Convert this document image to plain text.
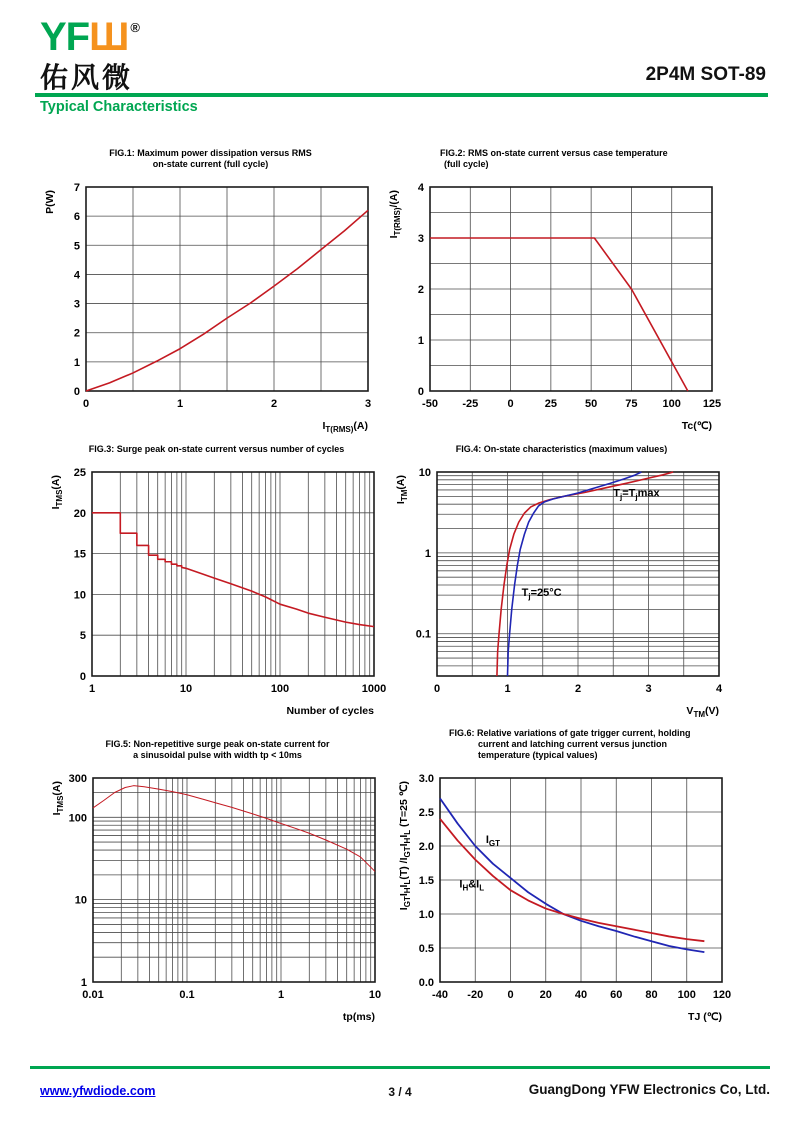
YFШ ®
佑风微	2P4M SOT-89
Typical Characteristics
FIG.1: Maximum power dissipation versus RMS
on-state current (full cycle)
0	1	2	3
0
1
2
3
4
5
6
7
$I_{T(RMS)}(A)$
P(W)
FIG.2: RMS on-state current versus case temperature
(full cycle)
-50 -25	0	25	50	75 100 125
0
1
2
3
4
Tc(℃)
$I_{T(RMS)}/(A)$
FIG.3: Surge peak on-state current versus number of cycles
1	10	100	1000
0
5
10
15
20
25
Number of cycles
$I_{TMS}(A)$
FIG.4: On-state characteristics (maximum values)
0	1	2	3	4
0.1
1
10
$V_{TM}(V)$
$I_{TM}(A)$
$T_j=T_j\max$
$T_j=25^\circ C$
FIG.5: Non-repetitive surge peak on-state current for
a sinusoidal pulse with width tp < 10ms
0.01	0.1	1	10
1
10
100
300
tp(ms)
$I_{TMS}(A)$
FIG.6: Relative variations of gate trigger current, holding
current and latching current versus junction
temperature (typical values)
-40 -20 0 20 40 60 80 100 120
0.0
0.5
1.0
1.5
2.0
2.5
3.0
TJ (℃)
$I_{GT}I_HI_L(T)$ $/I_{GT}I_HI_L$ (T=25 ℃)
$I_{GT}$
$I_H\&I_L$
www.yfwdiode.com	3 / 4	GuangDong YFW Electronics Co, Ltd.
